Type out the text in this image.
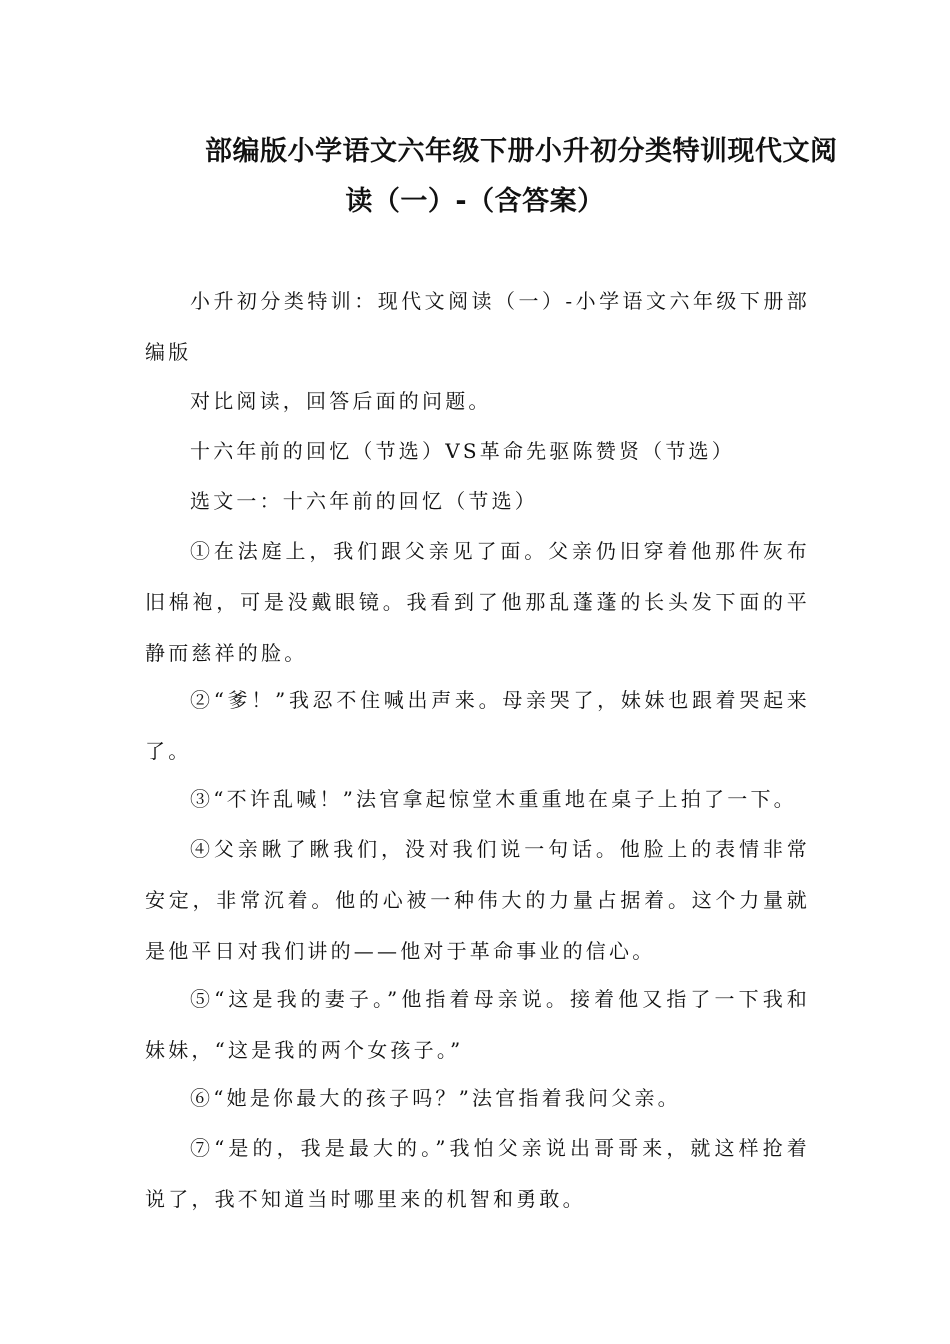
部编版小学语文六年级下册小升初分类特训现代文阅
读（一）-（含答案）
小升初分类特训：现代文阅读（一）-小学语文六年级下册部编版
对比阅读，回答后面的问题。
十六年前的回忆（节选）VS革命先驱陈赞贤（节选）
选文一：十六年前的回忆（节选）
①在法庭上，我们跟父亲见了面。父亲仍旧穿着他那件灰布旧棉袍，可是没戴眼镜。我看到了他那乱蓬蓬的长头发下面的平静而慈祥的脸。
②“爹！”我忍不住喊出声来。母亲哭了，妹妹也跟着哭起来了。
③“不许乱喊！”法官拿起惊堂木重重地在桌子上拍了一下。
④父亲瞅了瞅我们，没对我们说一句话。他脸上的表情非常安定，非常沉着。他的心被一种伟大的力量占据着。这个力量就是他平日对我们讲的——他对于革命事业的信心。
⑤“这是我的妻子。”他指着母亲说。接着他又指了一下我和妹妹，“这是我的两个女孩子。”
⑥“她是你最大的孩子吗？”法官指着我问父亲。
⑦“是的，我是最大的。”我怕父亲说出哥哥来，就这样抢着说了，我不知道当时哪里来的机智和勇敢。
